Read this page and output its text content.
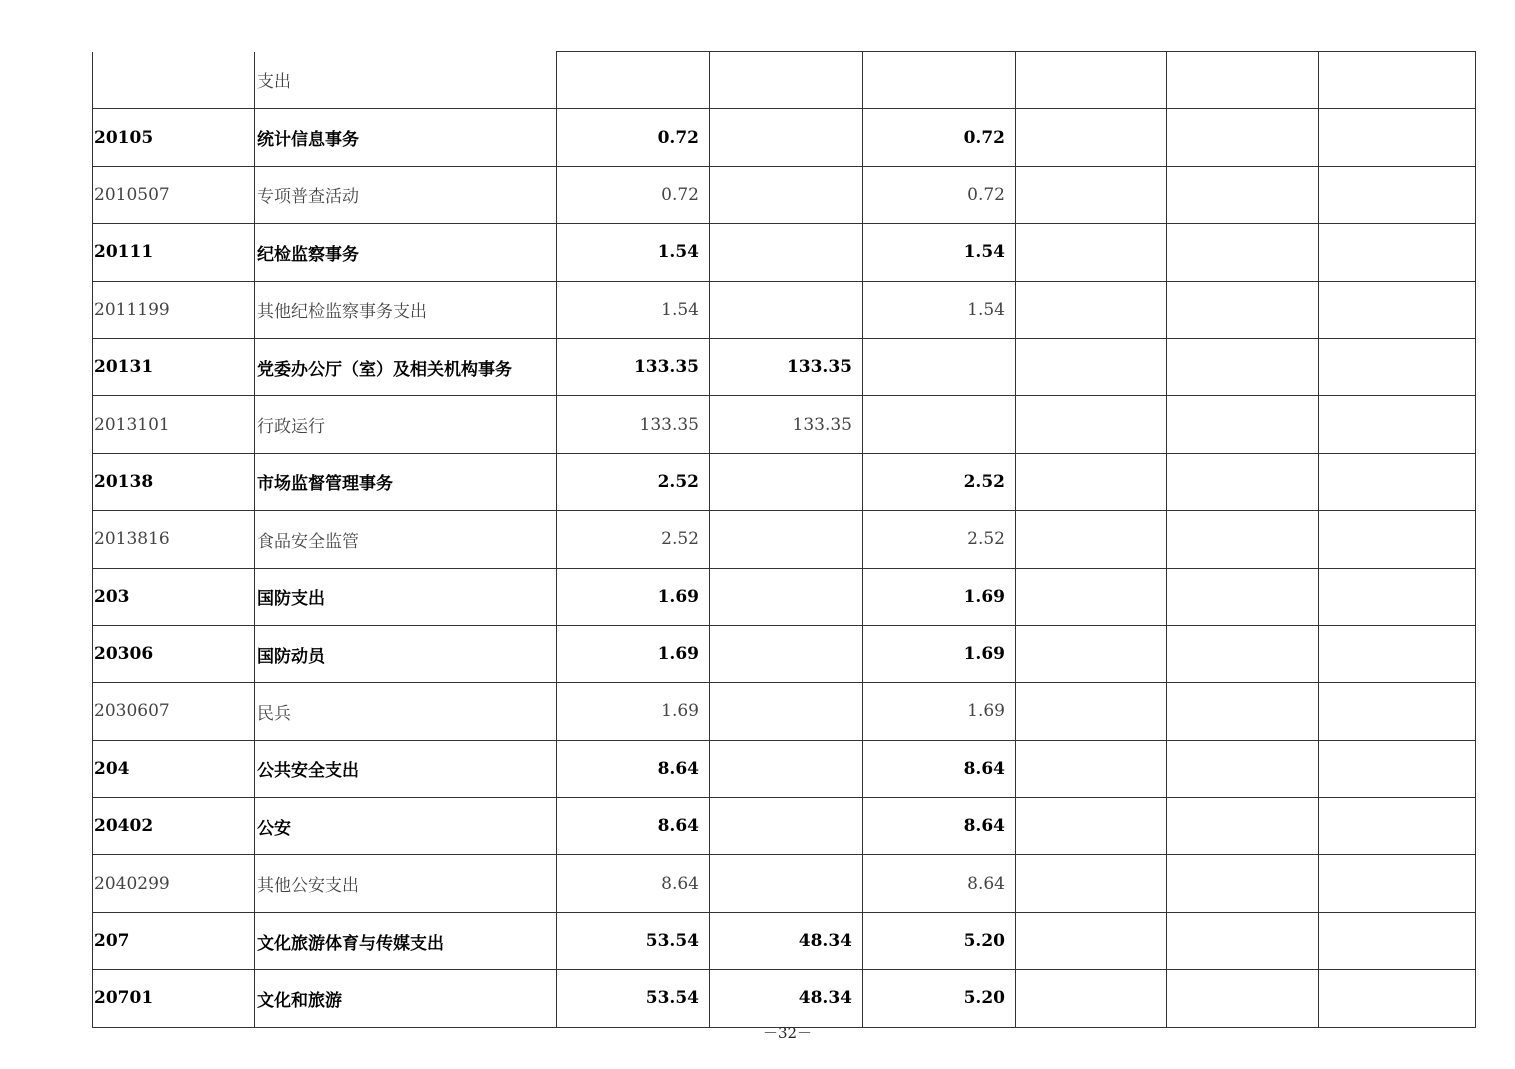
	支出						
20105	统计信息事务	0.72		0.72			
2010507	专项普查活动	0.72		0.72			
20111	纪检监察事务	1.54		1.54			
2011199	其他纪检监察事务支出	1.54		1.54			
20131	党委办公厅（室）及相关机构事务	133.35	133.35				
2013101	行政运行	133.35	133.35				
20138	市场监督管理事务	2.52		2.52			
2013816	食品安全监管	2.52		2.52			
203	国防支出	1.69		1.69			
20306	国防动员	1.69		1.69			
2030607	民兵	1.69		1.69			
204	公共安全支出	8.64		8.64			
20402	公安	8.64		8.64			
2040299	其他公安支出	8.64		8.64			
207	文化旅游体育与传媒支出	53.54	48.34	5.20			
20701	文化和旅游	53.54	48.34	5.20			
－32－
